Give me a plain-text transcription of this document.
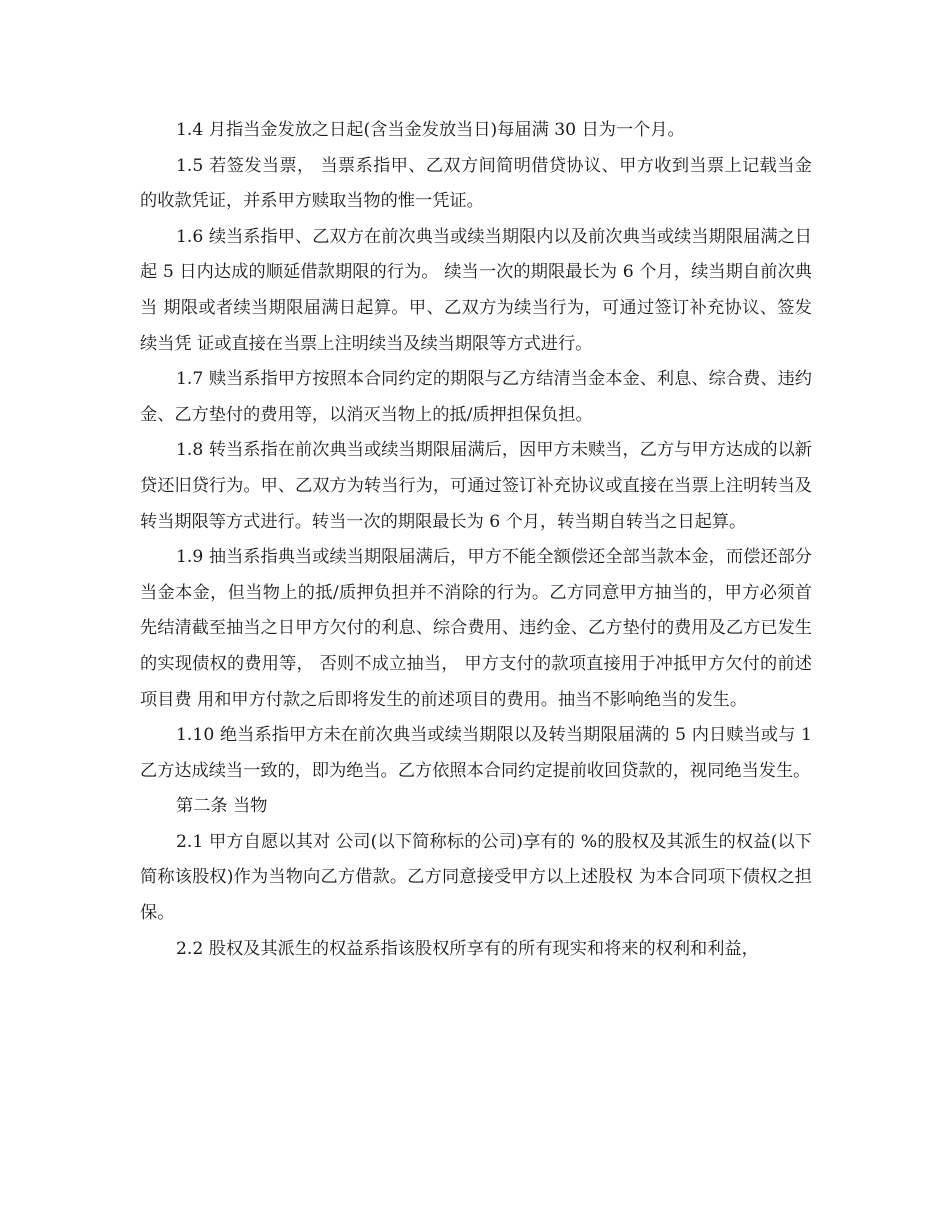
1.4 月指当金发放之日起(含当金发放当日)每届满 30 日为一个月。

1.5 若签发当票， 当票系指甲、乙双方间简明借贷协议、甲方收到当票上记载当金 的收款凭证，并系甲方赎取当物的惟一凭证。

1.6 续当系指甲、乙双方在前次典当或续当期限内以及前次典当或续当期限届满之日起 5 日内达成的顺延借款期限的行为。 续当一次的期限最长为 6 个月，续当期自前次典当 期限或者续当期限届满日起算。甲、乙双方为续当行为，可通过签订补充协议、签发续当凭 证或直接在当票上注明续当及续当期限等方式进行。

1.7 赎当系指甲方按照本合同约定的期限与乙方结清当金本金、利息、综合费、违约金、乙方垫付的费用等，以消灭当物上的抵/质押担保负担。

1.8 转当系指在前次典当或续当期限届满后，因甲方未赎当，乙方与甲方达成的以新贷还旧贷行为。甲、乙双方为转当行为，可通过签订补充协议或直接在当票上注明转当及 转当期限等方式进行。转当一次的期限最长为 6 个月，转当期自转当之日起算。

1.9 抽当系指典当或续当期限届满后，甲方不能全额偿还全部当款本金，而偿还部分当金本金，但当物上的抵/质押负担并不消除的行为。乙方同意甲方抽当的，甲方必须首 先结清截至抽当之日甲方欠付的利息、综合费用、违约金、乙方垫付的费用及乙方已发生的实现债权的费用等， 否则不成立抽当， 甲方支付的款项直接用于冲抵甲方欠付的前述项目费 用和甲方付款之后即将发生的前述项目的费用。抽当不影响绝当的发生。

1.10 绝当系指甲方未在前次典当或续当期限以及转当期限届满的 5 内日赎当或与 1 乙方达成续当一致的，即为绝当。乙方依照本合同约定提前收回贷款的，视同绝当发生。

第二条 当物

2.1 甲方自愿以其对 公司(以下简称标的公司)享有的 %的股权及其派生的权益(以下简称该股权)作为当物向乙方借款。乙方同意接受甲方以上述股权 为本合同项下债权之担保。

2.2 股权及其派生的权益系指该股权所享有的所有现实和将来的权利和利益，
